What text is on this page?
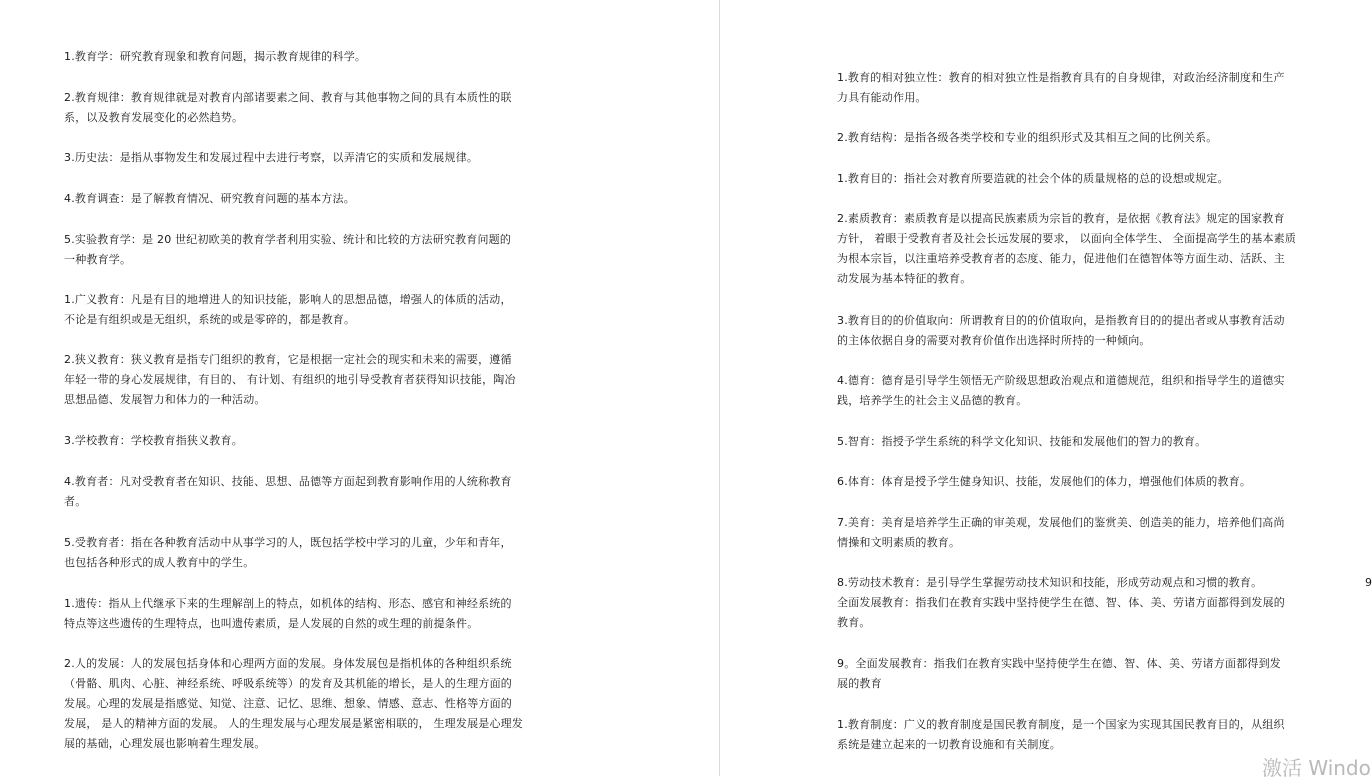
1.教育学：研究教育现象和教育问题，揭示教育规律的科学。
2.教育规律：教育规律就是对教育内部诸要素之间、教育与其他事物之间的具有本质性的联
系，以及教育发展变化的必然趋势。
3.历史法：是指从事物发生和发展过程中去进行考察，以弄清它的实质和发展规律。
4.教育调查：是了解教育情况、研究教育问题的基本方法。
5.实验教育学：是 20 世纪初欧美的教育学者利用实验、统计和比较的方法研究教育问题的
一种教育学。
1.广义教育：凡是有目的地增进人的知识技能，影响人的思想品德，增强人的体质的活动，
不论是有组织或是无组织，系统的或是零碎的，都是教育。
2.狭义教育：狭义教育是指专门组织的教育，它是根据一定社会的现实和未来的需要，遵循
年轻一带的身心发展规律，有目的、 有计划、有组织的地引导受教育者获得知识技能，陶冶
思想品德、发展智力和体力的一种活动。
3.学校教育：学校教育指狭义教育。
4.教育者：凡对受教育者在知识、技能、思想、品德等方面起到教育影响作用的人统称教育
者。
5.受教育者：指在各种教育活动中从事学习的人，既包括学校中学习的儿童，少年和青年，
也包括各种形式的成人教育中的学生。
1.遗传：指从上代继承下来的生理解剖上的特点，如机体的结构、形态、感官和神经系统的
特点等这些遗传的生理特点，也叫遗传素质，是人发展的自然的或生理的前提条件。
2.人的发展：人的发展包括身体和心理两方面的发展。身体发展包是指机体的各种组织系统
（骨骼、肌肉、心脏、神经系统、呼吸系统等）的发育及其机能的增长，是人的生理方面的
发展。心理的发展是指感觉、知觉、注意、记忆、思维、想象、情感、意志、性格等方面的
发展， 是人的精神方面的发展。 人的生理发展与心理发展是紧密相联的， 生理发展是心理发
展的基础，心理发展也影响着生理发展。
1.教育的相对独立性：教育的相对独立性是指教育具有的自身规律，对政治经济制度和生产
力具有能动作用。
2.教育结构：是指各级各类学校和专业的组织形式及其相互之间的比例关系。
1.教育目的：指社会对教育所要造就的社会个体的质量规格的总的设想或规定。
2.素质教育：素质教育是以提高民族素质为宗旨的教育，是依据《教育法》规定的国家教育
方针， 着眼于受教育者及社会长远发展的要求， 以面向全体学生、 全面提高学生的基本素质
为根本宗旨，以注重培养受教育者的态度、能力，促进他们在德智体等方面生动、活跃、主
动发展为基本特征的教育。
3.教育目的的价值取向：所谓教育目的的价值取向，是指教育目的的提出者或从事教育活动
的主体依据自身的需要对教育价值作出选择时所持的一种倾向。
4.德育：德育是引导学生领悟无产阶级思想政治观点和道德规范，组织和指导学生的道德实
践，培养学生的社会主义品德的教育。
5.智育：指授予学生系统的科学文化知识、技能和发展他们的智力的教育。
6.体育：体育是授予学生健身知识、技能，发展他们的体力，增强他们体质的教育。
7.美育：美育是培养学生正确的审美观，发展他们的鉴赏美、创造美的能力，培养他们高尚
情操和文明素质的教育。
8.劳动技术教育：是引导学生掌握劳动技术知识和技能，形成劳动观点和习惯的教育。
全面发展教育：指我们在教育实践中坚持使学生在德、智、体、美、劳诸方面都得到发展的
教育。
9。全面发展教育：指我们在教育实践中坚持使学生在德、智、体、美、劳诸方面都得到发
展的教育
1.教育制度：广义的教育制度是国民教育制度，是一个国家为实现其国民教育目的，从组织
系统是建立起来的一切教育设施和有关制度。
9
激活 Windo
